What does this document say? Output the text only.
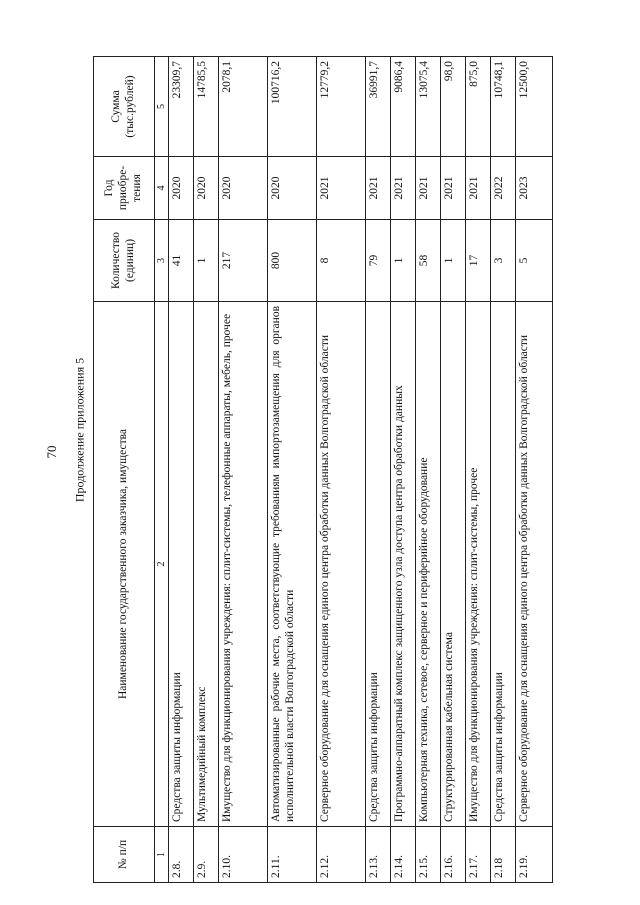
70 Продолжение приложения 5
№ п/п	Наименование государственного заказчика, имущества	Количество (единиц)	Год приобре-тения	Сумма (тыс.рублей)
1	2	3	4	5
2.8.	Средства защиты информации	41	2020	23309,7
2.9.	Мультимедийный комплекс	1	2020	14785,5
2.10.	Имущество для функционирования учреждения: сплит-системы, телефонные аппараты, мебель, прочее	217	2020	2078,1
2.11.	Автоматизированные рабочие места, соответствующие требованиям импортозамещения для органов исполнительной власти Волгоградской области	800	2020	100716,2
2.12.	Серверное оборудование для оснащения единого центра обработки данных Волгоградской области	8	2021	12779,2
2.13.	Средства защиты информации	79	2021	36991,7
2.14.	Программно-аппаратный комплекс защищенного узла доступа центра обработки данных	1	2021	9086,4
2.15.	Компьютерная техника, сетевое, серверное и периферийное оборудование	58	2021	13075,4
2.16.	Структурированная кабельная система	1	2021	98,0
2.17.	Имущество для функционирования учреждения: сплит-системы, прочее	17	2021	875,0
2.18	Средства защиты информации	3	2022	10748,1
2.19.	Серверное оборудование для оснащения единого центра обработки данных Волгоградской области	5	2023	12500,0
